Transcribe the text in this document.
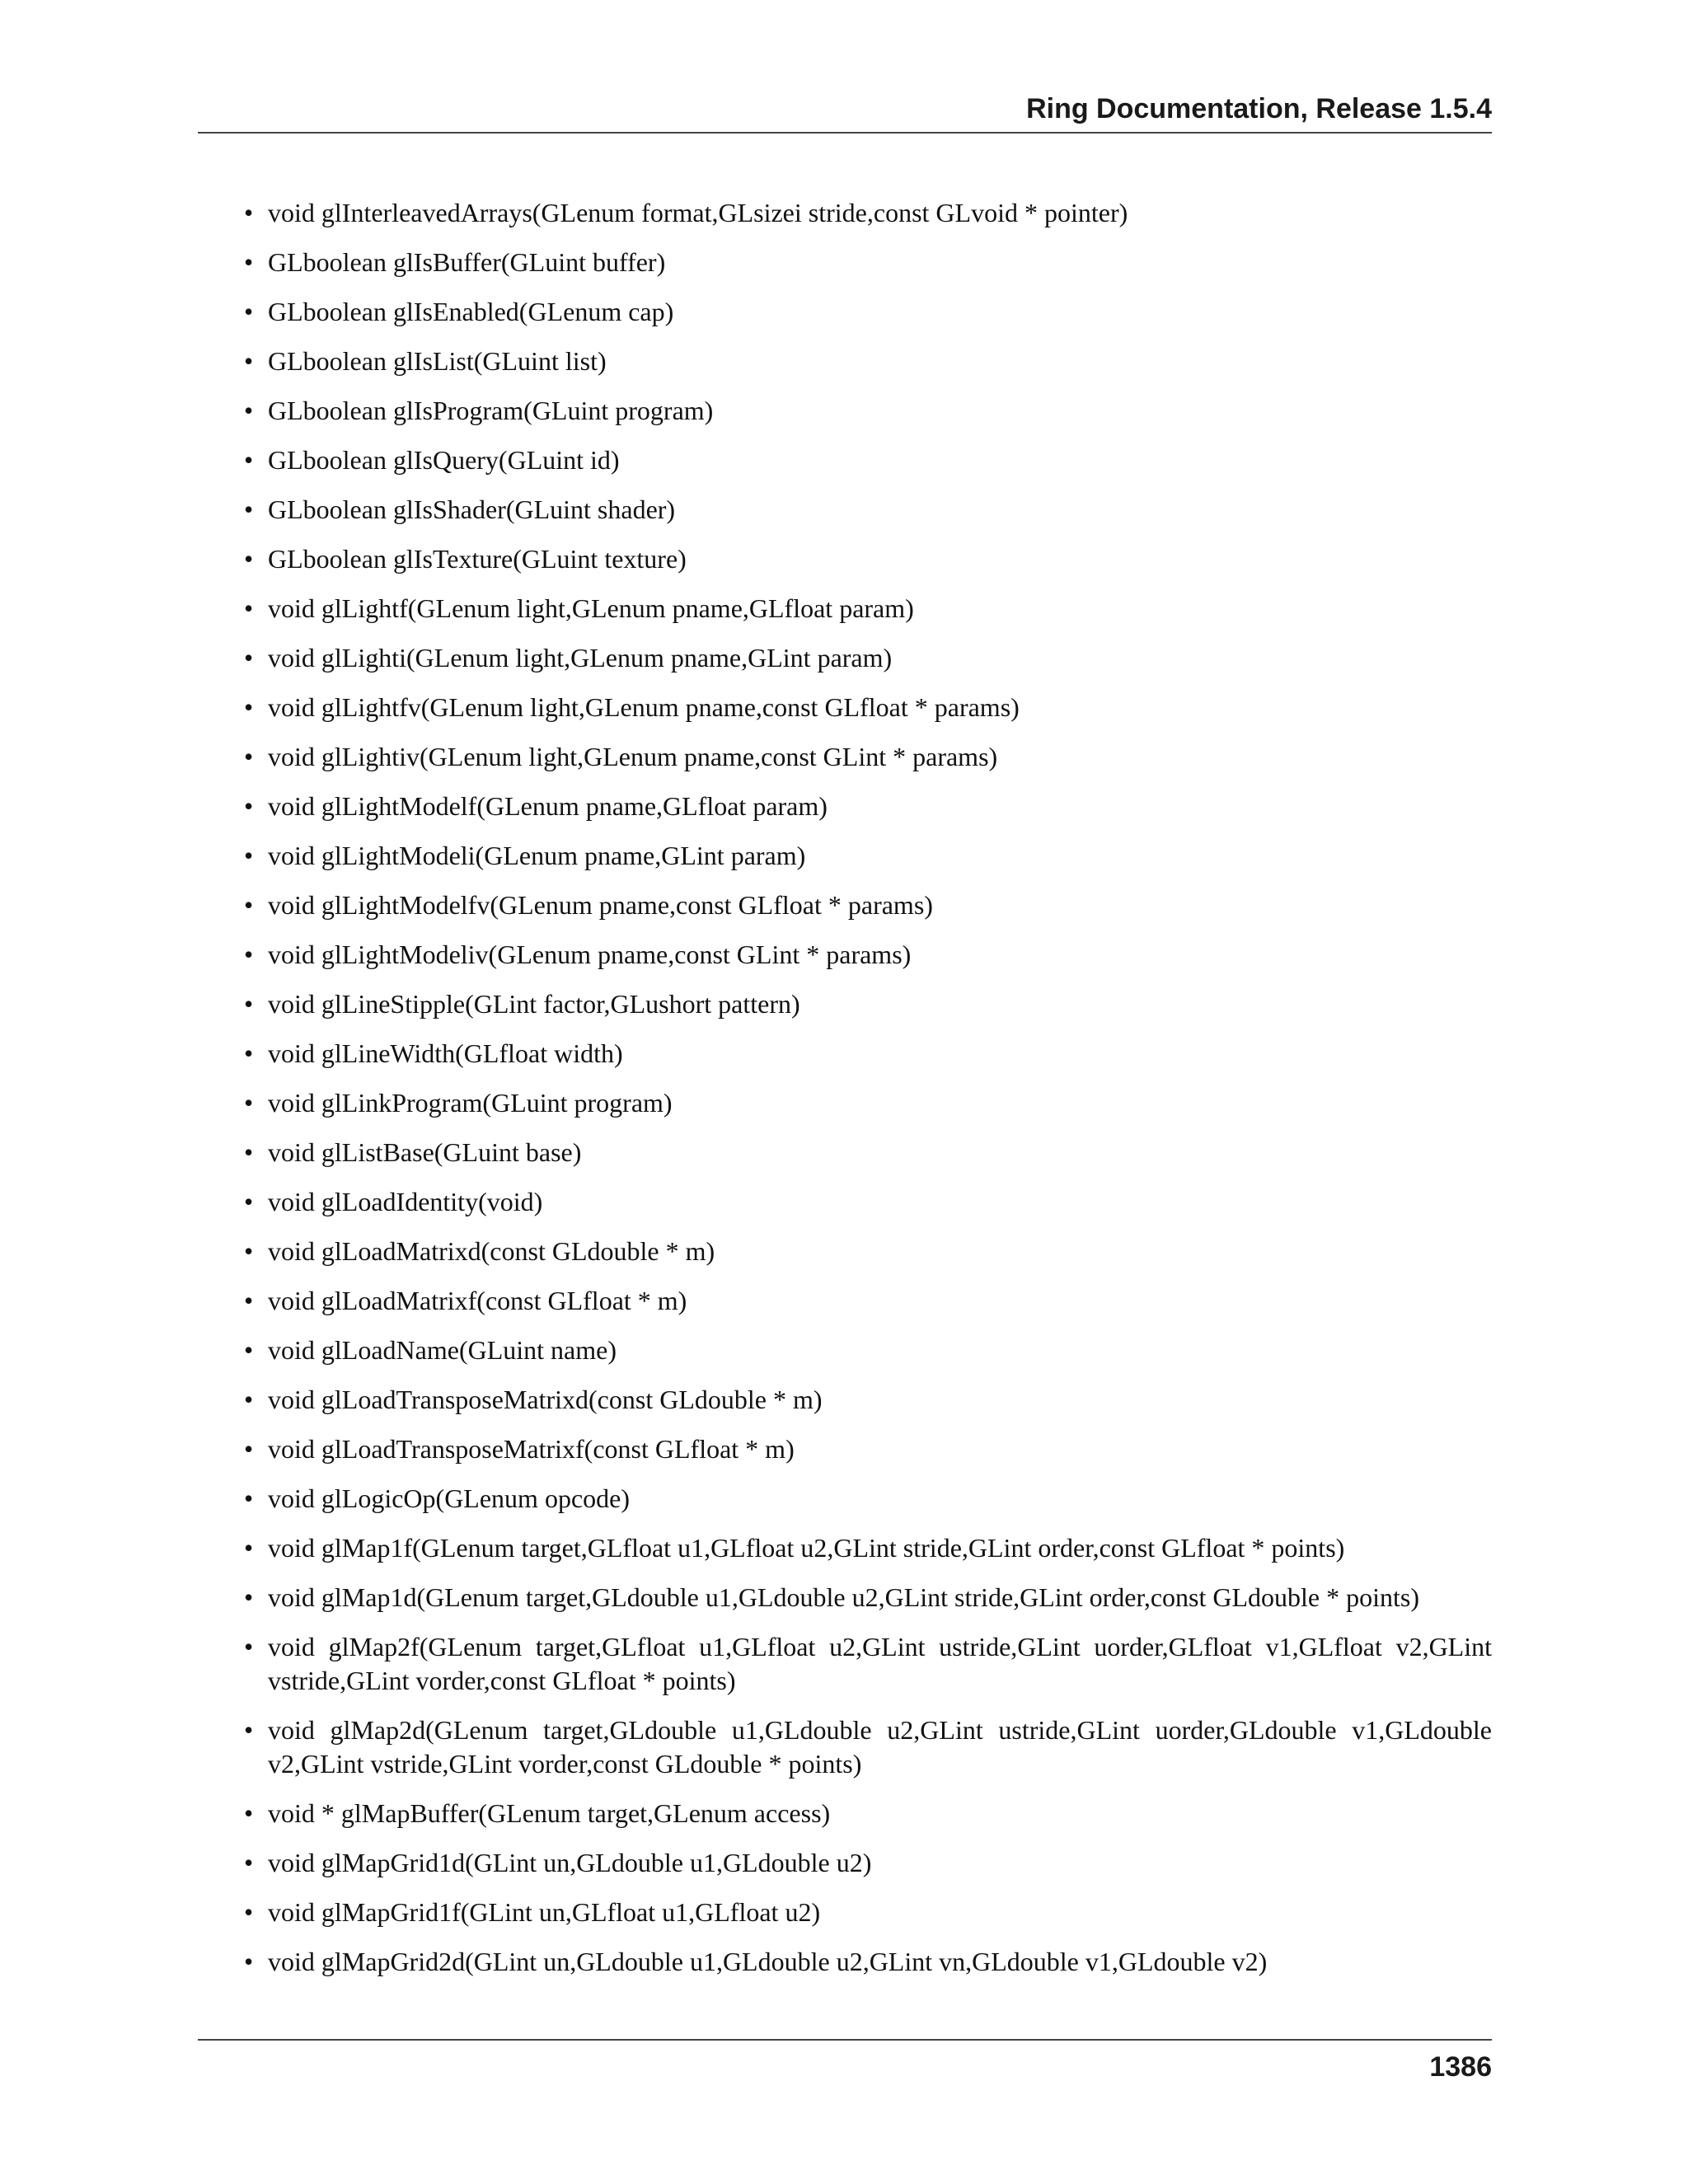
Ring Documentation, Release 1.5.4
• void glInterleavedArrays(GLenum format,GLsizei stride,const GLvoid * pointer)
• GLboolean glIsBuffer(GLuint buffer)
• GLboolean glIsEnabled(GLenum cap)
• GLboolean glIsList(GLuint list)
• GLboolean glIsProgram(GLuint program)
• GLboolean glIsQuery(GLuint id)
• GLboolean glIsShader(GLuint shader)
• GLboolean glIsTexture(GLuint texture)
• void glLightf(GLenum light,GLenum pname,GLfloat param)
• void glLighti(GLenum light,GLenum pname,GLint param)
• void glLightfv(GLenum light,GLenum pname,const GLfloat * params)
• void glLightiv(GLenum light,GLenum pname,const GLint * params)
• void glLightModelf(GLenum pname,GLfloat param)
• void glLightModeli(GLenum pname,GLint param)
• void glLightModelfv(GLenum pname,const GLfloat * params)
• void glLightModeliv(GLenum pname,const GLint * params)
• void glLineStipple(GLint factor,GLushort pattern)
• void glLineWidth(GLfloat width)
• void glLinkProgram(GLuint program)
• void glListBase(GLuint base)
• void glLoadIdentity(void)
• void glLoadMatrixd(const GLdouble * m)
• void glLoadMatrixf(const GLfloat * m)
• void glLoadName(GLuint name)
• void glLoadTransposeMatrixd(const GLdouble * m)
• void glLoadTransposeMatrixf(const GLfloat * m)
• void glLogicOp(GLenum opcode)
• void glMap1f(GLenum target,GLfloat u1,GLfloat u2,GLint stride,GLint order,const GLfloat * points)
• void glMap1d(GLenum target,GLdouble u1,GLdouble u2,GLint stride,GLint order,const GLdouble * points)
• void glMap2f(GLenum target,GLfloat u1,GLfloat u2,GLint ustride,GLint uorder,GLfloat v1,GLfloat v2,GLint vstride,GLint vorder,const GLfloat * points)
• void glMap2d(GLenum target,GLdouble u1,GLdouble u2,GLint ustride,GLint uorder,GLdouble v1,GLdouble v2,GLint vstride,GLint vorder,const GLdouble * points)
• void * glMapBuffer(GLenum target,GLenum access)
• void glMapGrid1d(GLint un,GLdouble u1,GLdouble u2)
• void glMapGrid1f(GLint un,GLfloat u1,GLfloat u2)
• void glMapGrid2d(GLint un,GLdouble u1,GLdouble u2,GLint vn,GLdouble v1,GLdouble v2)
1386
